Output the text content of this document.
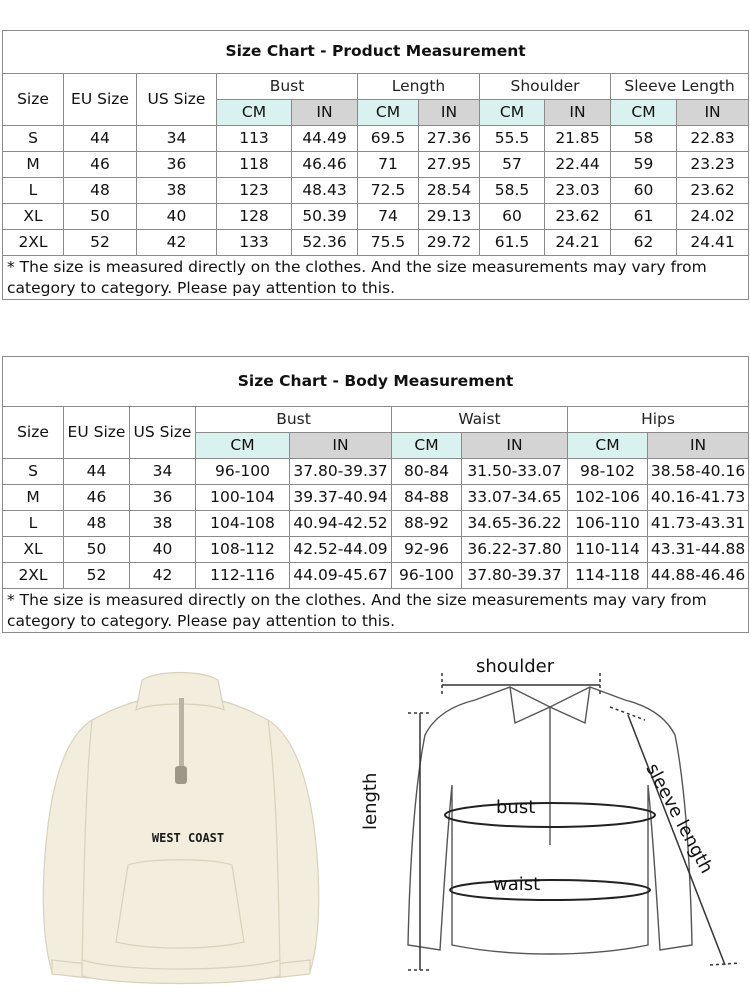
Size Chart - Product Measurement										
Size	EU Size	US Size	Bust		Length		Shoulder		Sleeve Length	
			CM	IN	CM	IN	CM	IN	CM	IN
S	44	34	113	44.49	69.5	27.36	55.5	21.85	58	22.83
M	46	36	118	46.46	71	27.95	57	22.44	59	23.23
L	48	38	123	48.43	72.5	28.54	58.5	23.03	60	23.62
XL	50	40	128	50.39	74	29.13	60	23.62	61	24.02
2XL	52	42	133	52.36	75.5	29.72	61.5	24.21	62	24.41
* The size is measured directly on the clothes. And the size measurements may vary from category to category. Please pay attention to this.										
Size Chart - Body Measurement								
Size	EU Size	US Size	Bust		Waist		Hips	
			CM	IN	CM	IN	CM	IN
S	44	34	96-100	37.80-39.37	80-84	31.50-33.07	98-102	38.58-40.16
M	46	36	100-104	39.37-40.94	84-88	33.07-34.65	102-106	40.16-41.73
L	48	38	104-108	40.94-42.52	88-92	34.65-36.22	106-110	41.73-43.31
XL	50	40	108-112	42.52-44.09	92-96	36.22-37.80	110-114	43.31-44.88
2XL	52	42	112-116	44.09-45.67	96-100	37.80-39.37	114-118	44.88-46.46
* The size is measured directly on the clothes. And the size measurements may vary from category to category. Please pay attention to this.								
WEST COAST
shoulder
bust
waist
length	sleeve length
